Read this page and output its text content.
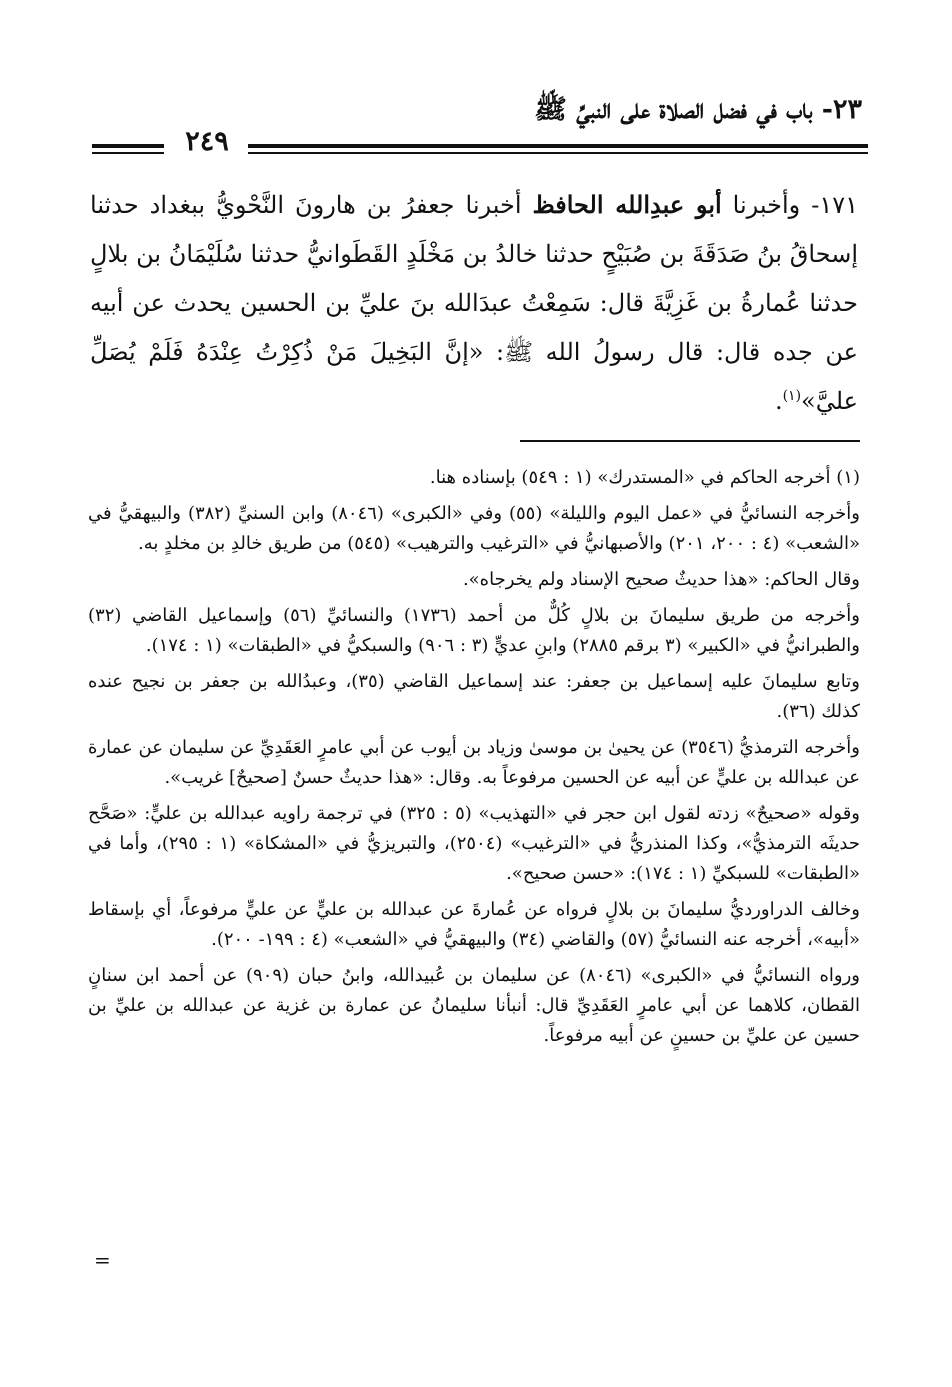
٢٣- باب في فضل الصلاة على النبيِّ ﷺ
٢٤٩
١٧١- وأخبرنا أبو عبدِالله الحافظ أخبرنا جعفرُ بن هارونَ النَّحْويُّ ببغداد حدثنا إسحاقُ بنُ صَدَقَةَ بن صُبَيْحٍ حدثنا خالدُ بن مَخْلَدٍ القَطَوانيُّ حدثنا سُلَيْمَانُ بن بلالٍ حدثنا عُمارةُ بن غَزِيَّةَ قال: سَمِعْتُ عبدَالله بنَ عليِّ بن الحسين يحدث عن أبيه عن جده قال: قال رسولُ الله ﷺ: «إنَّ البَخِيلَ مَنْ ذُكِرْتُ عِنْدَهُ فَلَمْ يُصَلِّ عليَّ»$^{(١)}$.

(١) أخرجه الحاكم في «المستدرك» (١ : ٥٤٩) بإسناده هنا.

وأخرجه النسائيُّ في «عمل اليوم والليلة» (٥٥) وفي «الكبرى» (٨٠٤٦) وابن السنيِّ (٣٨٢) والبيهقيُّ في «الشعب» (٤ : ٢٠٠، ٢٠١) والأصبهانيُّ في «الترغيب والترهيب» (٥٤٥) من طريق خالدِ بن مخلدٍ به.

وقال الحاكم: «هذا حديثٌ صحيح الإسناد ولم يخرجاه».

وأخرجه من طريق سليمانَ بن بلالٍ كُلٌّ من أحمد (١٧٣٦) والنسائيِّ (٥٦) وإسماعيل القاضي (٣٢) والطبرانيُّ في «الكبير» (٣ برقم ٢٨٨٥) وابنِ عديٍّ (٣ : ٩٠٦) والسبكيُّ في «الطبقات» (١ : ١٧٤).

وتابع سليمانَ عليه إسماعيل بن جعفر: عند إسماعيل القاضي (٣٥)، وعبدُالله بن جعفر بن نجيح عنده كذلك (٣٦).

وأخرجه الترمذيُّ (٣٥٤٦) عن يحيىٰ بن موسىٰ وزياد بن أيوب عن أبي عامرٍ العَقَدِيِّ عن سليمان عن عمارة عن عبدالله بن عليٍّ عن أبيه عن الحسين مرفوعاً به. وقال: «هذا حديثٌ حسنٌ [صحيحٌ] غريب».

وقوله «صحيحٌ» زدته لقول ابن حجر في «التهذيب» (٥ : ٣٢٥) في ترجمة راويه عبدالله بن عليٍّ: «صَحَّح حديثَه الترمذيُّ»، وكذا المنذريُّ في «الترغيب» (٢٥٠٤)، والتبريزيُّ في «المشكاة» (١ : ٢٩٥)، وأما في «الطبقات» للسبكيِّ (١ : ١٧٤): «حسن صحيح».

وخالف الدراورديُّ سليمانَ بن بلالٍ فرواه عن عُمارةَ عن عبدالله بن عليٍّ عن عليٍّ مرفوعاً، أي بإسقاط «أبيه»، أخرجه عنه النسائيُّ (٥٧) والقاضي (٣٤) والبيهقيُّ في «الشعب» (٤ : ١٩٩- ٢٠٠).

ورواه النسائيُّ في «الكبرى» (٨٠٤٦) عن سليمان بن عُبيدالله، وابنُ حبان (٩٠٩) عن أحمد ابن سنانٍ القطان، كلاهما عن أبي عامرٍ العَقَدِيِّ قال: أنبأنا سليمانُ عن عمارة بن غزية عن عبدالله بن عليِّ بن حسين عن عليِّ بن حسينٍ عن أبيه مرفوعاً.

=
